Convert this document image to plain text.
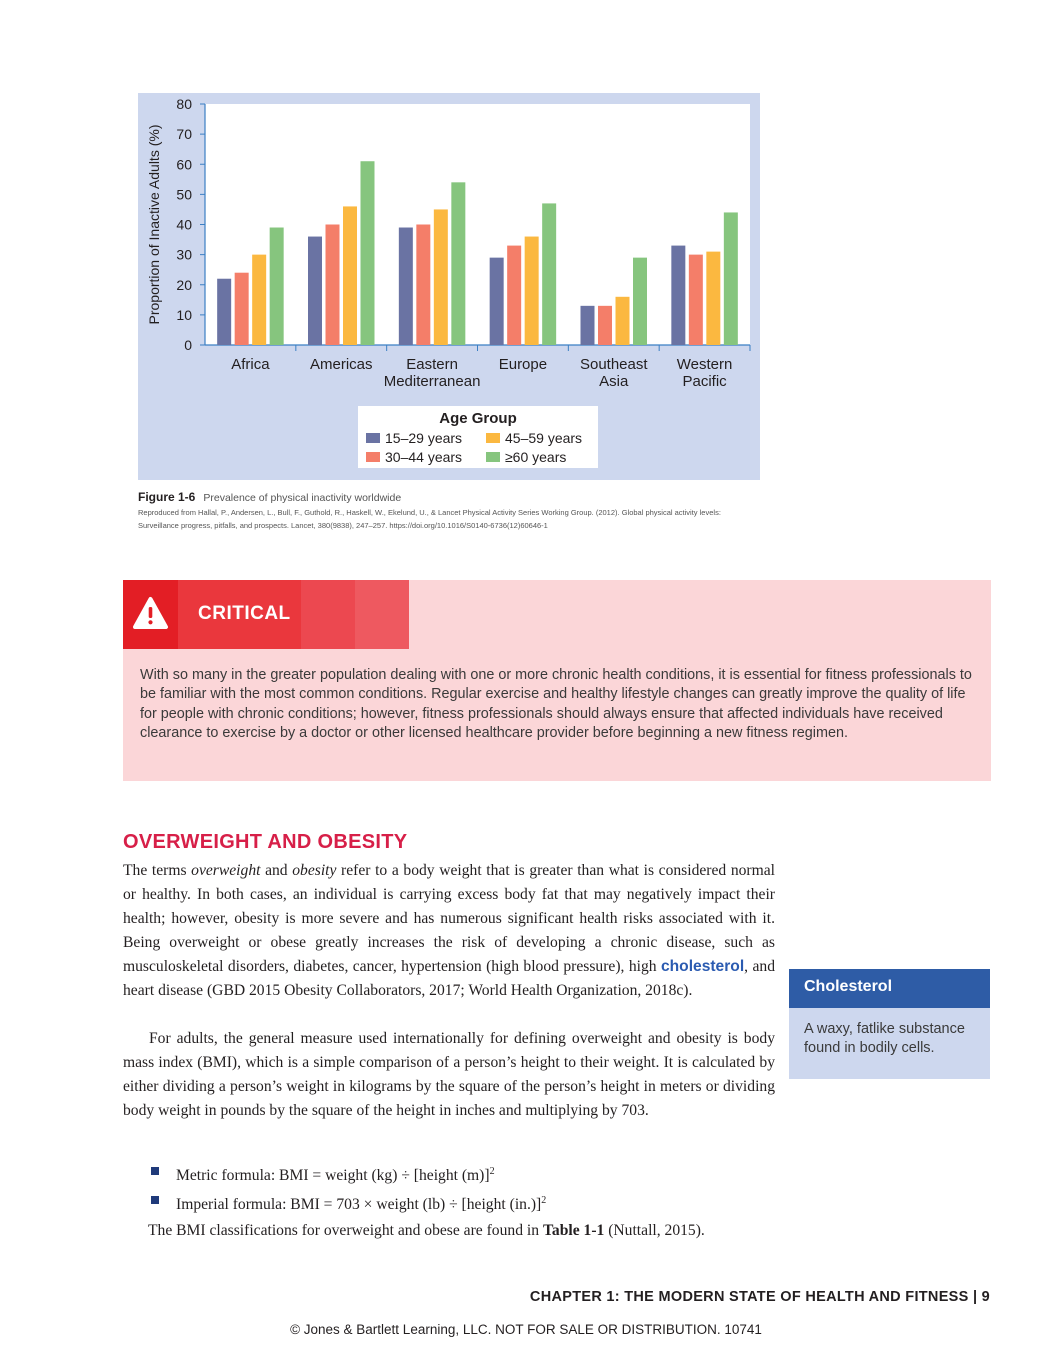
0
10
20
30
40
50
60
70
80
Proportion of Inactive Adults (%)
Africa	Americas Eastern
Mediterranean
Europe Southeast
Asia
Western
Pacific
Age Group
15–29 years
30–44 years
45–59 years
≥60 years
Figure 1-6 Prevalence of physical inactivity worldwide
Reproduced from Hallal, P., Andersen, L., Bull, F., Guthold, R., Haskell, W., Ekelund, U., & Lancet Physical Activity Series Working Group. (2012). Global physical activity levels: Surveillance progress, pitfalls, and prospects. Lancet, 380(9838), 247–257. https://doi.org/10.1016/S0140-6736(12)60646-1
CRITICAL
With so many in the greater population dealing with one or more chronic health conditions, it is essential for fitness professionals to be familiar with the most common conditions. Regular exercise and healthy lifestyle changes can greatly improve the quality of life for people with chronic conditions; however, fitness professionals should always ensure that affected individuals have received clearance to exercise by a doctor or other licensed healthcare provider before beginning a new fitness regimen.
OVERWEIGHT AND OBESITY
The terms overweight and obesity refer to a body weight that is greater than what is considered normal or healthy. In both cases, an individual is carrying excess body fat that may negatively impact their health; however, obesity is more severe and has numerous significant health risks associated with it. Being overweight or obese greatly increases the risk of developing a chronic disease, such as musculoskeletal disorders, diabetes, cancer, hypertension (high blood pressure), high cholesterol, and heart disease (GBD 2015 Obesity Collaborators, 2017; World Health Organization, 2018c).
For adults, the general measure used internationally for defining overweight and obesity is body mass index (BMI), which is a simple comparison of a person’s height to their weight. It is calculated by either dividing a person’s weight in kilograms by the square of the person’s height in meters or dividing body weight in pounds by the square of the height in inches and multiplying by 703.
Metric formula: BMI = weight (kg) ÷ [height (m)]$^2$
Imperial formula: BMI = 703 × weight (lb) ÷ [height (in.)]$^2$
The BMI classifications for overweight and obese are found in Table 1-1 (Nuttall, 2015).
Cholesterol
A waxy, fatlike substance found in bodily cells.
CHAPTER 1: THE MODERN STATE OF HEALTH AND FITNESS | 9
© Jones & Bartlett Learning, LLC. NOT FOR SALE OR DISTRIBUTION. 10741
